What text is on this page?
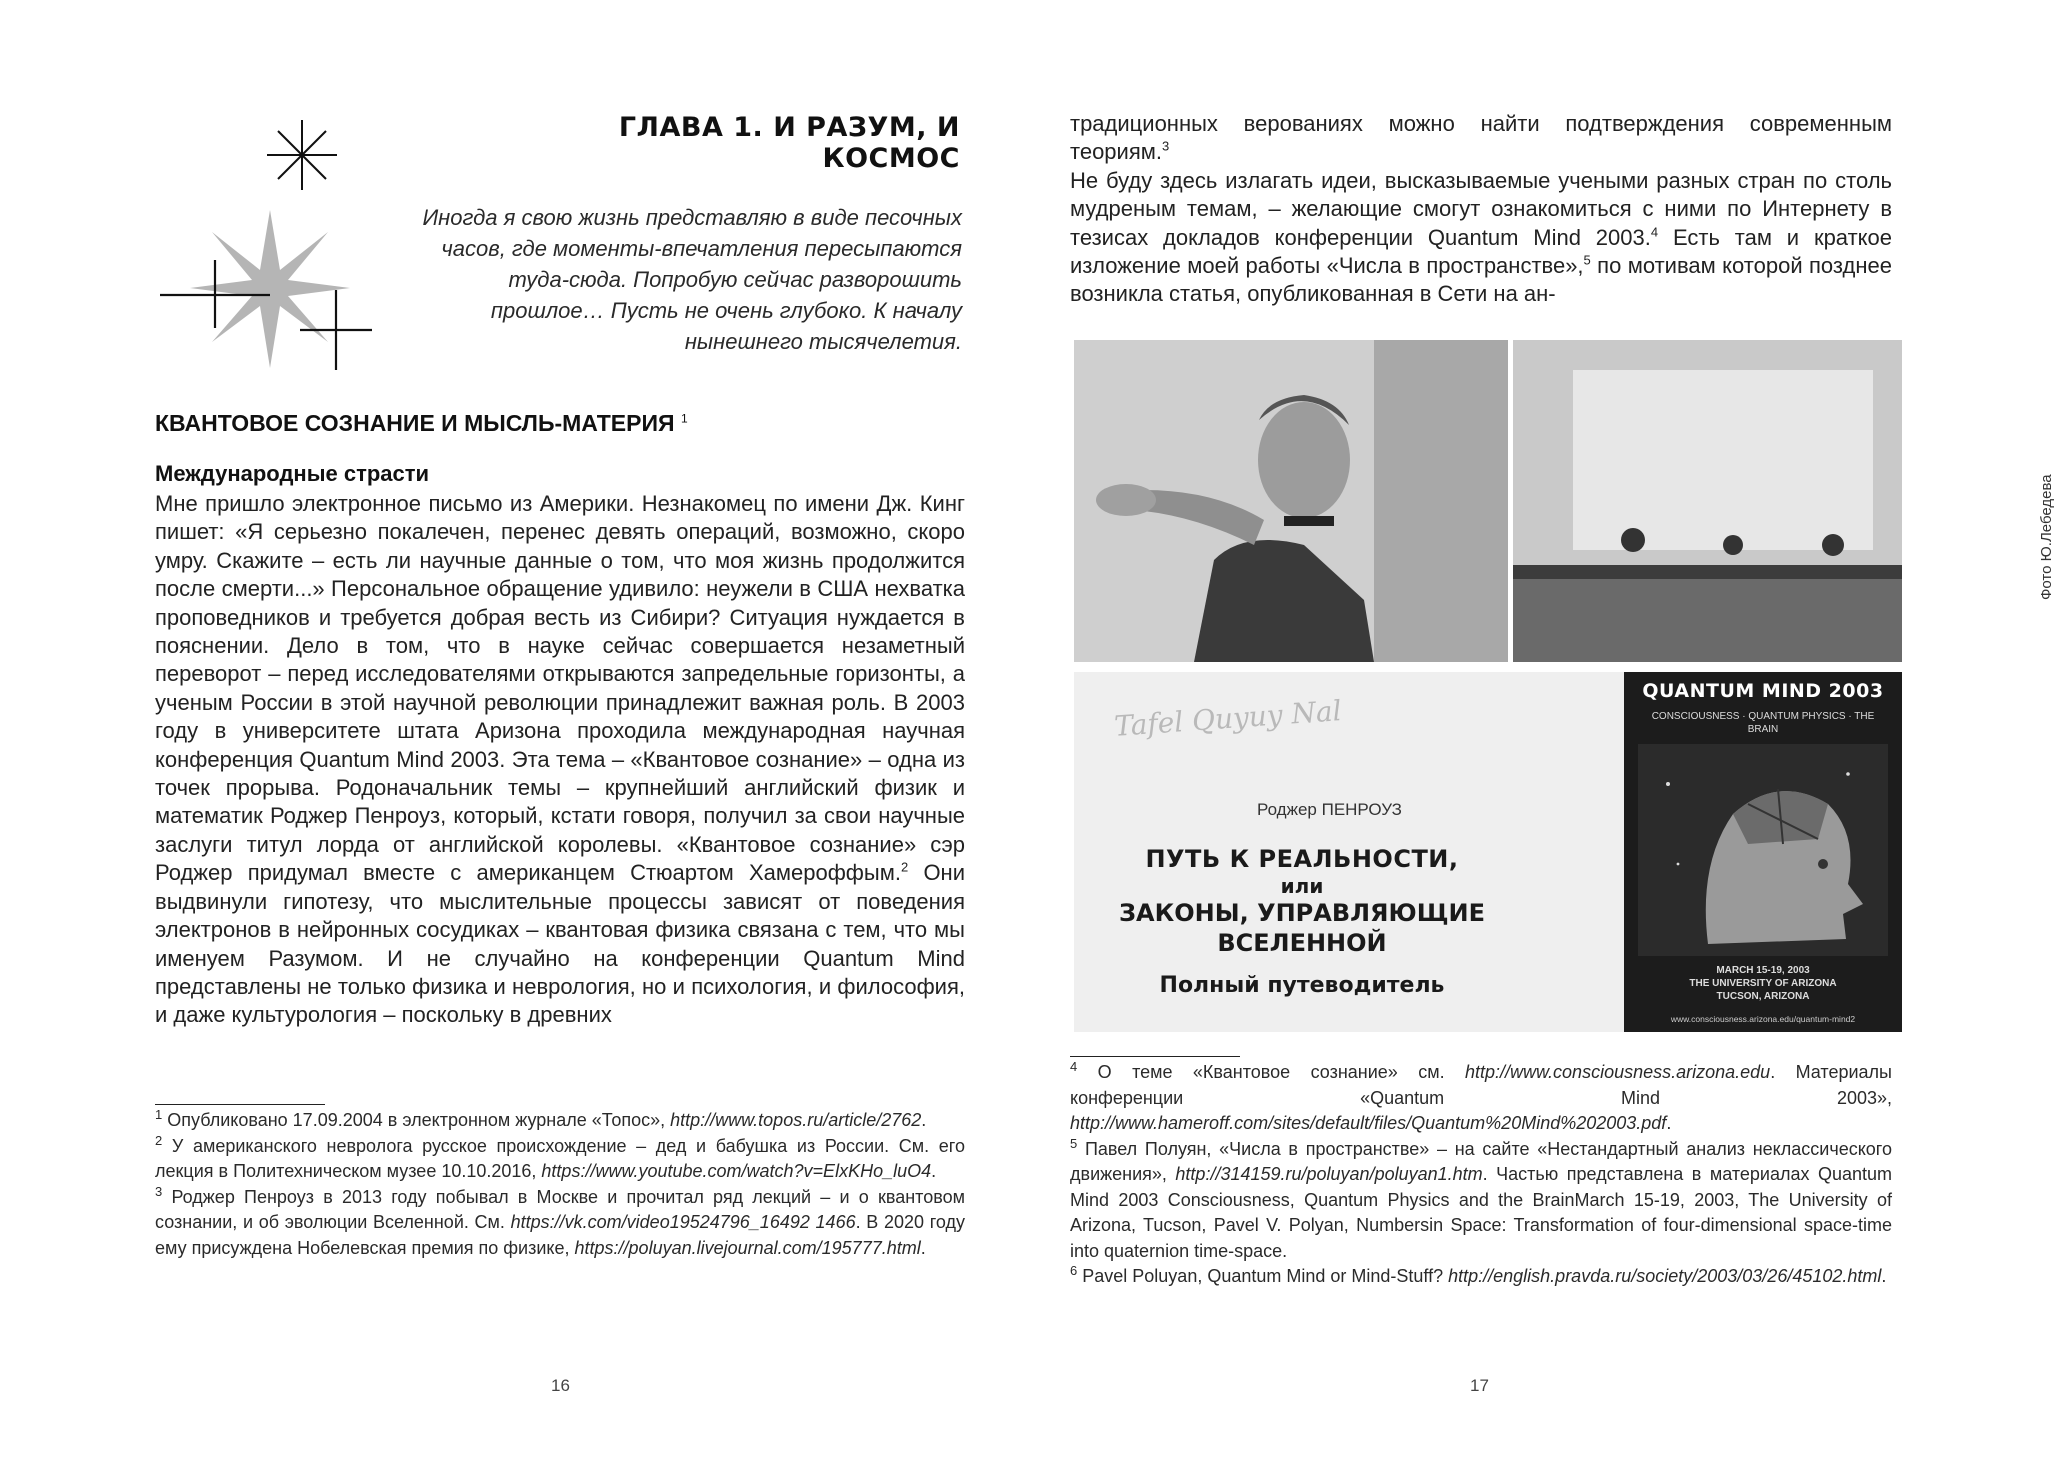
ГЛАВА 1. И РАЗУМ, И КОСМОС

Иногда я свою жизнь представляю в виде песочных

часов, где моменты-впечатления пересыпаются

туда-сюда. Попробую сейчас разворошить

прошлое… Пусть не очень глубоко. К началу

нынешнего тысячелетия.

КВАНТОВОЕ СОЗНАНИЕ И МЫСЛЬ-МАТЕРИЯ $^1$
Международные страсти

Мне пришло электронное письмо из Америки. Незнакомец по имени Дж. Кинг пишет: «Я серьезно покалечен, перенес девять операций, возможно, скоро умру. Скажите – есть ли научные данные о том, что моя жизнь продолжится после смерти...» Персональное обращение удивило: неужели в США нехватка проповедников и требуется добрая весть из Сибири? Ситуация нуждается в пояснении. Дело в том, что в науке сейчас совершается незаметный переворот – перед исследователями открываются запредельные горизонты, а ученым России в этой научной революции принадлежит важная роль. В 2003 году в университете штата Аризона проходила международная научная конференция Quantum Mind 2003. Эта тема – «Квантовое сознание» – одна из точек прорыва. Родоначальник темы – крупнейший английский физик и математик Роджер Пенроуз, который, кстати говоря, получил за свои научные заслуги титул лорда от английской королевы. «Квантовое сознание» сэр Роджер придумал вместе с американцем Стюартом Хамероффым.$^2$ Они выдвинули гипотезу, что мыслительные процессы зависят от поведения электронов в нейронных сосудиках – квантовая физика связана с тем, что мы именуем Разумом. И не случайно на конференции Quantum Mind представлены не только физика и неврология, но и психология, и философия, и даже культурология – поскольку в древних

$^1$ Опубликовано 17.09.2004 в электронном журнале «Топос», http://www.topos.ru/article/2762.

$^2$ У американского невролога русское происхождение – дед и бабушка из России. См. его лекция в Политехническом музее 10.10.2016, https://www.youtube.com/watch?v=ElxKHo_luO4.

$^3$ Роджер Пенроуз в 2013 году побывал в Москве и прочитал ряд лекций – и о квантовом сознании, и об эволюции Вселенной. См. https://vk.com/video19524796_16492 1466. В 2020 году ему присуждена Нобелевская премия по физике, https://poluyan.livejournal.com/195777.html.

16

традиционных верованиях можно найти подтверждения современным теориям.$^3$

Не буду здесь излагать идеи, высказываемые учеными разных стран по столь мудреным темам, – желающие смогут ознакомиться с ними по Интернету в тезисах докладов конференции Quantum Mind 2003.$^4$ Есть там и краткое изложение моей работы «Числа в пространстве»,$^5$ по мотивам которой позднее возникла статья, опубликованная в Сети на ан-

Фото Ю.Лебедева
Tafel Quyuy Nal
Роджер ПЕНРОУЗ
ПУТЬ К РЕАЛЬНОСТИ,
или
ЗАКОНЫ, УПРАВЛЯЮЩИЕ
ВСЕЛЕННОЙ
Полный путеводитель
QUANTUM MIND 2003
CONSCIOUSNESS · QUANTUM PHYSICS · THE BRAIN
MARCH 15-19, 2003
THE UNIVERSITY OF ARIZONA
TUCSON, ARIZONA
www.consciousness.arizona.edu/quantum-mind2

$^4$ О теме «Квантовое сознание» см. http://www.consciousness.arizona.edu. Материалы конференции «Quantum Mind 2003», http://www.hameroff.com/sites/default/files/Quantum%20Mind%202003.pdf.

$^5$ Павел Полуян, «Числа в пространстве» – на сайте «Нестандартный анализ неклассического движения», http://314159.ru/poluyan/poluyan1.htm. Частью представлена в материалах Quantum Mind 2003 Consciousness, Quantum Physics and the BrainMarch 15-19, 2003, The University of Arizona, Tucson, Pavel V. Polyan, Numbersin Space: Transformation of four-dimensional space-time into quaternion time-space.

$^6$ Pavel Poluyan, Quantum Mind or Mind-Stuff? http://english.pravda.ru/society/2003/03/26/45102.html.

17
